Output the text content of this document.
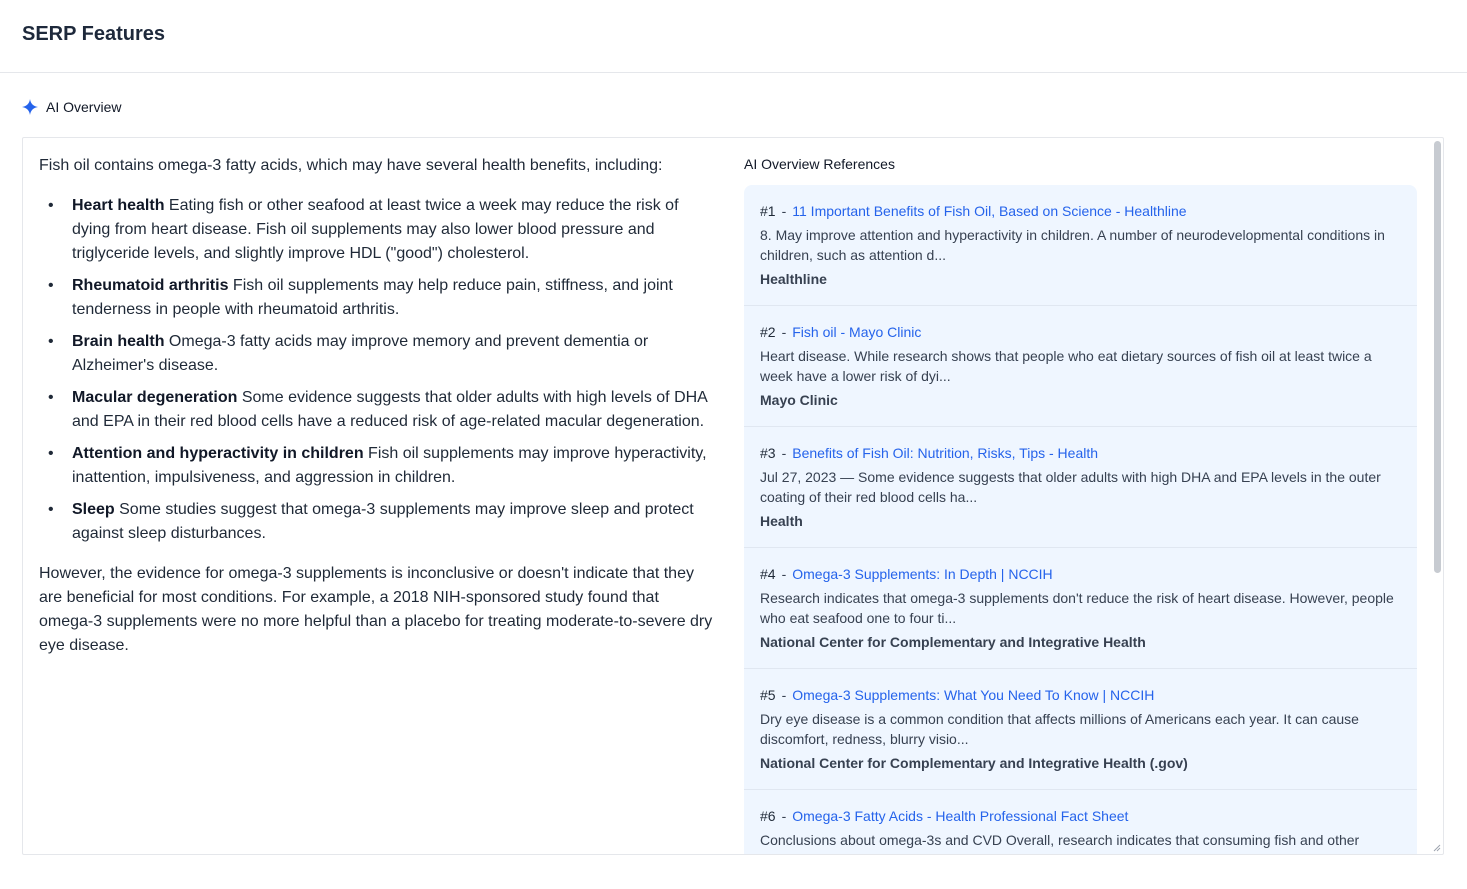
SERP Features
AI Overview

Fish oil contains omega-3 fatty acids, which may have several health benefits, including:

• Heart health Eating fish or other seafood at least twice a week may reduce the risk of dying from heart disease. Fish oil supplements may also lower blood pressure and triglyceride levels, and slightly improve HDL ("good") cholesterol.
• Rheumatoid arthritis Fish oil supplements may help reduce pain, stiffness, and joint tenderness in people with rheumatoid arthritis.
• Brain health Omega-3 fatty acids may improve memory and prevent dementia or Alzheimer's disease.
• Macular degeneration Some evidence suggests that older adults with high levels of DHA and EPA in their red blood cells have a reduced risk of age-related macular degeneration.
• Attention and hyperactivity in children Fish oil supplements may improve hyperactivity, inattention, impulsiveness, and aggression in children.
• Sleep Some studies suggest that omega-3 supplements may improve sleep and protect against sleep disturbances.

However, the evidence for omega-3 supplements is inconclusive or doesn't indicate that they are beneficial for most conditions. For example, a 2018 NIH-sponsored study found that omega-3 supplements were no more helpful than a placebo for treating moderate-to-severe dry eye disease.

AI Overview References
#1 - 11 Important Benefits of Fish Oil, Based on Science - Healthline
8. May improve attention and hyperactivity in children. A number of neurodevelopmental conditions in children, such as attention d...
Healthline
#2 - Fish oil - Mayo Clinic
Heart disease. While research shows that people who eat dietary sources of fish oil at least twice a week have a lower risk of dyi...
Mayo Clinic
#3 - Benefits of Fish Oil: Nutrition, Risks, Tips - Health
Jul 27, 2023 — Some evidence suggests that older adults with high DHA and EPA levels in the outer coating of their red blood cells ha...
Health
#4 - Omega-3 Supplements: In Depth | NCCIH
Research indicates that omega-3 supplements don't reduce the risk of heart disease. However, people who eat seafood one to four ti...
National Center for Complementary and Integrative Health
#5 - Omega-3 Supplements: What You Need To Know | NCCIH
Dry eye disease is a common condition that affects millions of Americans each year. It can cause discomfort, redness, blurry visio...
National Center for Complementary and Integrative Health (.gov)
#6 - Omega-3 Fatty Acids - Health Professional Fact Sheet
Conclusions about omega-3s and CVD Overall, research indicates that consuming fish and other
